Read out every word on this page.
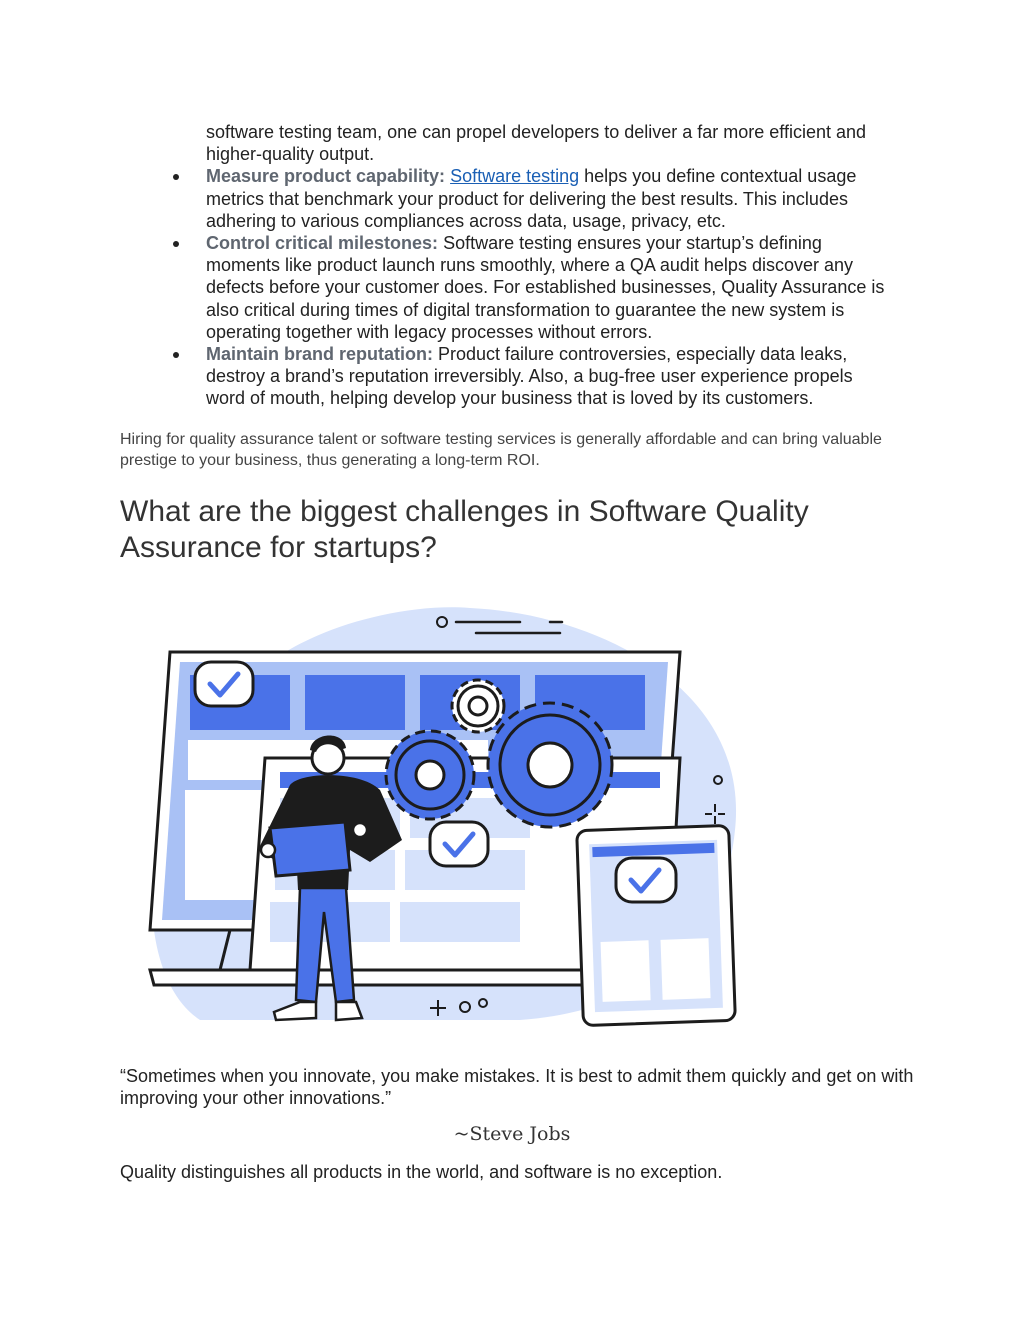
software testing team, one can propel developers to deliver a far more efficient and higher-quality output.

Measure product capability: Software testing helps you define contextual usage metrics that benchmark your product for delivering the best results. This includes adhering to various compliances across data, usage, privacy, etc.
Control critical milestones: Software testing ensures your startup’s defining moments like product launch runs smoothly, where a QA audit helps discover any defects before your customer does. For established businesses, Quality Assurance is also critical during times of digital transformation to guarantee the new system is operating together with legacy processes without errors.
Maintain brand reputation: Product failure controversies, especially data leaks, destroy a brand’s reputation irreversibly. Also, a bug-free user experience propels word of mouth, helping develop your business that is loved by its customers.

Hiring for quality assurance talent or software testing services is generally affordable and can bring valuable prestige to your business, thus generating a long-term ROI.

What are the biggest challenges in Software Quality Assurance for startups?

“Sometimes when you innovate, you make mistakes. It is best to admit them quickly and get on with improving your other innovations.”

~Steve Jobs

Quality distinguishes all products in the world, and software is no exception.
